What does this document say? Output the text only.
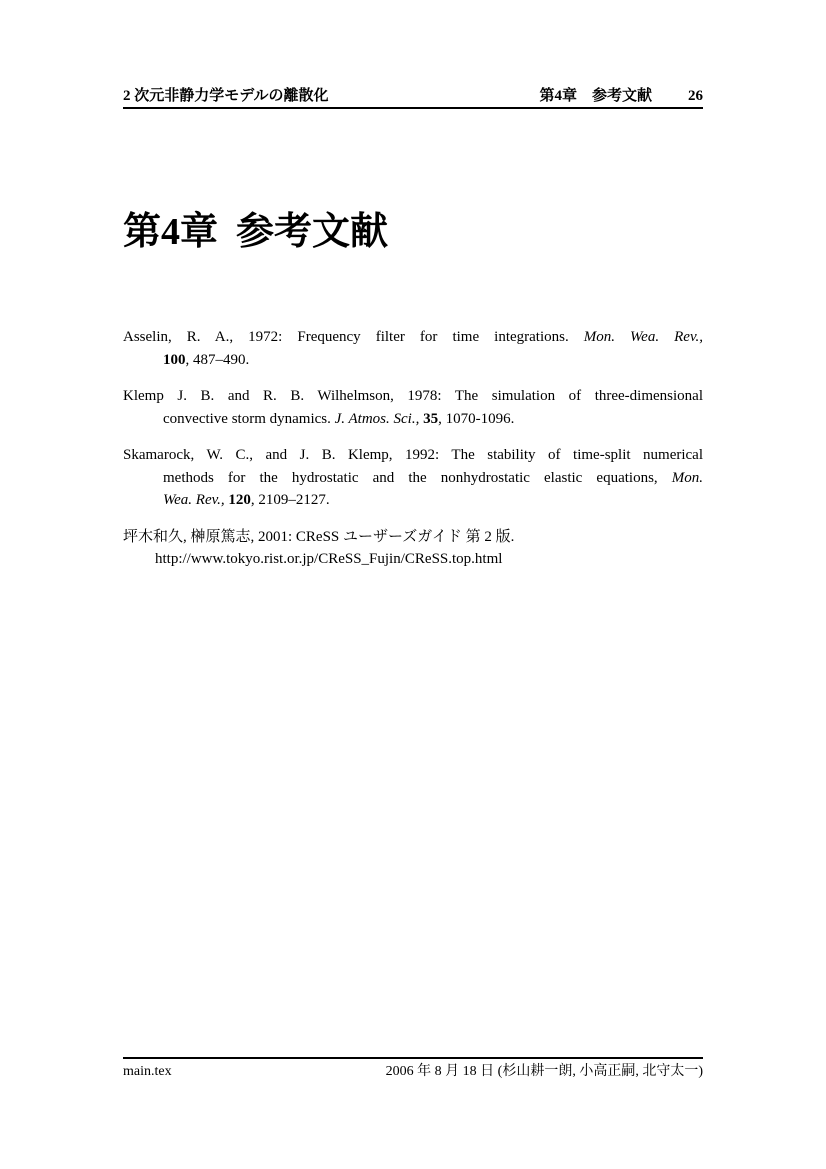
2 次元非静力学モデルの離散化	第4章　参考文献 26
第4章 参考文献
Asselin, R. A., 1972: Frequency filter for time integrations. Mon. Wea. Rev.,
100, 487–490.
Klemp J. B. and R. B. Wilhelmson, 1978: The simulation of three-dimensional
convective storm dynamics. J. Atmos. Sci., 35, 1070-1096.
Skamarock, W. C., and J. B. Klemp, 1992: The stability of time-split numerical
methods for the hydrostatic and the nonhydrostatic elastic equations, Mon.
Wea. Rev., 120, 2109–2127.
坪木和久, 榊原篤志, 2001: CReSS ユーザーズガイド 第 2 版.
http://www.tokyo.rist.or.jp/CReSS_Fujin/CReSS.top.html
main.tex	2006 年 8 月 18 日 (杉山耕一朗, 小高正嗣, 北守太一)
